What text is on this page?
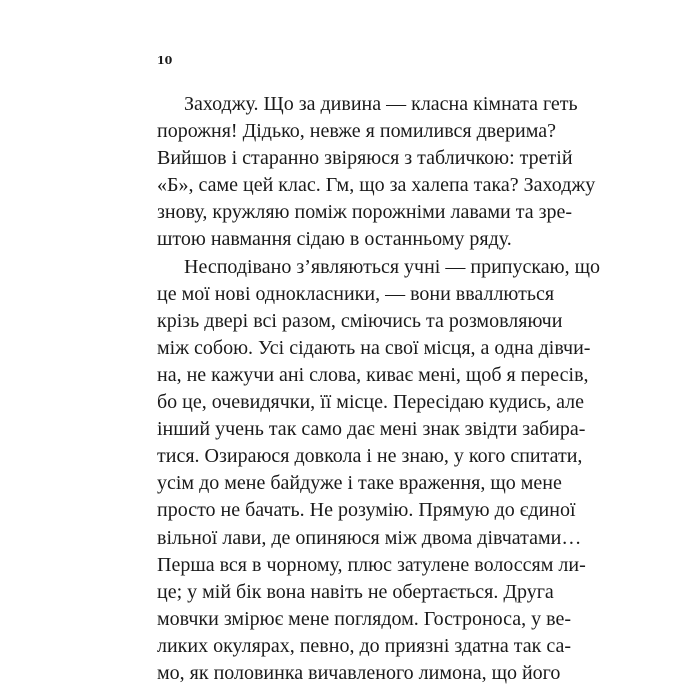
10
Заходжу. Що за дивина — класна кімната геть
порожня! Дідько, невже я помилився дверима?
Вийшов і старанно звіряюся з табличкою: третій
«Б», саме цей клас. Гм, що за халепа така? Заходжу
знову, кружляю поміж порожніми лавами та зре-
штою навмання сідаю в останньому ряду.
Несподівано з’являються учні — припускаю, що
це мої нові однокласники, — вони вваллються
крізь двері всі разом, сміючись та розмовляючи
між собою. Усі сідають на свої місця, а одна дівчи-
на, не кажучи ані слова, киває мені, щоб я пересів,
бо це, очевидячки, її місце. Пересідаю кудись, але
інший учень так само дає мені знак звідти забира-
тися. Озираюся довкола і не знаю, у кого спитати,
усім до мене байдуже і таке враження, що мене
просто не бачать. Не розумію. Прямую до єдиної
вільної лави, де опиняюся між двома дівчатами…
Перша вся в чорному, плюс затулене волоссям ли-
це; у мій бік вона навіть не обертається. Друга
мовчки змірює мене поглядом. Гостроноса, у ве-
ликих окулярах, певно, до приязні здатна так са-
мо, як половинка вичавленого лимона, що його
